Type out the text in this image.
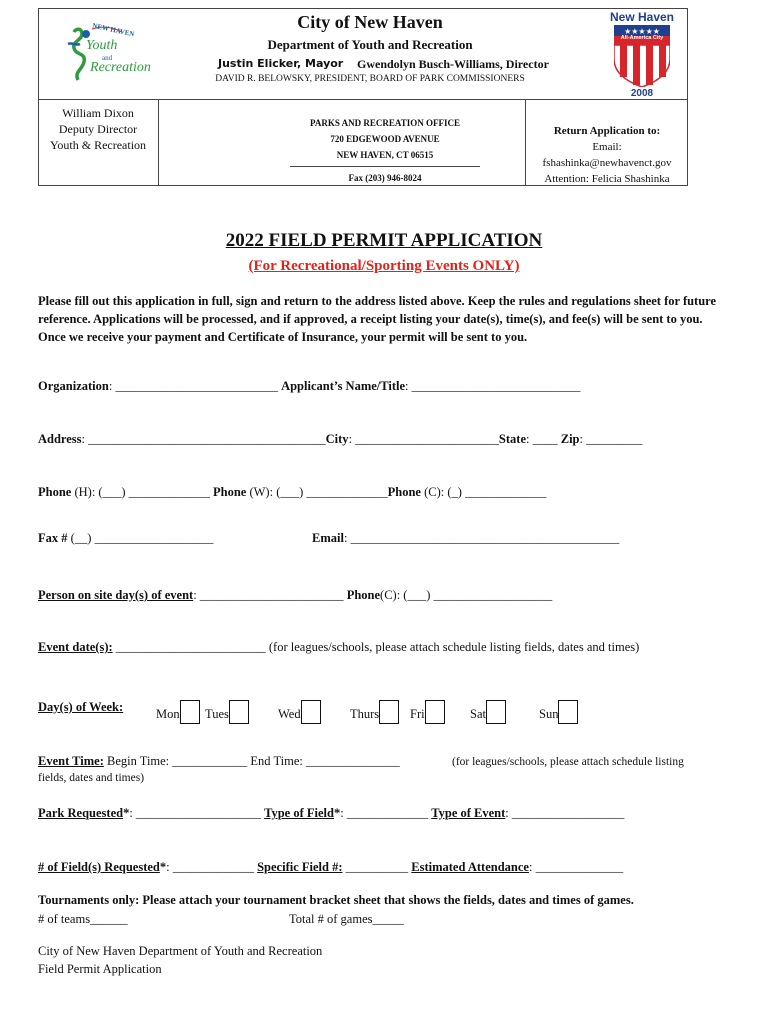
NEW HAVEN
Youth
and
Recreation
New Haven
★★★★★
All-America City
2008
City of New Haven
Department of Youth and Recreation
Justin Elicker, Mayor Gwendolyn Busch-Williams, Director
DAVID R. BELOWSKY, PRESIDENT, BOARD OF PARK COMMISSIONERS
William Dixon
Deputy Director
Youth & Recreation
PARKS AND RECREATION OFFICE
720 EDGEWOOD AVENUE
NEW HAVEN, CT 06515
Fax (203) 946-8024
Return Application to:
Email:
fshashinka@newhavenct.gov
Attention: Felicia Shashinka
2022 FIELD PERMIT APPLICATION
(For Recreational/Sporting Events ONLY)
Please fill out this application in full, sign and return to the address listed above. Keep the rules and regulations sheet for future reference. Applications will be processed, and if approved, a receipt listing your date(s), time(s), and fee(s) will be sent to you. Once we receive your payment and Certificate of Insurance, your permit will be sent to you.
Organization: __________________________ Applicant’s Name/Title: ___________________________
Address: ______________________________________City: _______________________State: ____ Zip: _________
Phone (H): (___) _____________ Phone (W): (___) _____________Phone (C): (_) _____________
Fax # (__) ___________________	Email: ___________________________________________
Person on site day(s) of event: _______________________ Phone(C): (___) ___________________
Event date(s): ________________________ (for leagues/schools, please attach schedule listing fields, dates and times)
Day(s) of Week:	Mon	Tues	Wed	Thurs	Fri	Sat	Sun
Event Time: Begin Time: ____________ End Time: _______________	(for leagues/schools, please attach schedule listing
fields, dates and times)
Park Requested*: ____________________ Type of Field*: _____________ Type of Event: __________________
# of Field(s) Requested*: _____________ Specific Field #: __________ Estimated Attendance: ______________
Tournaments only: Please attach your tournament bracket sheet that shows the fields, dates and times of games.
# of teams______	Total # of games_____
City of New Haven Department of Youth and Recreation
Field Permit Application
